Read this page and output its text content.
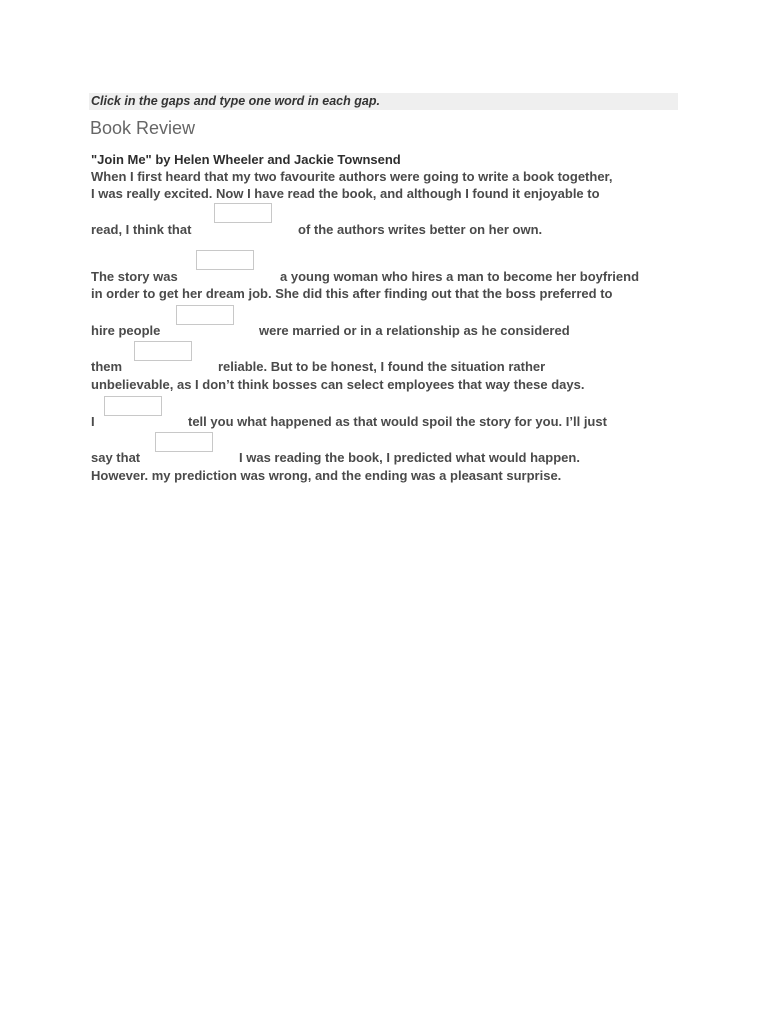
Click in the gaps and type one word in each gap.
Book Review
"Join Me" by Helen Wheeler and Jackie Townsend
When I first heard that my two favourite authors were going to write a book together,
I was really excited. Now I have read the book, and although I found it enjoyable to
read, I think that	of the authors writes better on her own.
The story was	a young woman who hires a man to become her boyfriend
in order to get her dream job. She did this after finding out that the boss preferred to
hire people	were married or in a relationship as he considered
them	reliable. But to be honest, I found the situation rather
unbelievable, as I don’t think bosses can select employees that way these days.
I	tell you what happened as that would spoil the story for you. I’ll just
say that	I was reading the book, I predicted what would happen.
However. my prediction was wrong, and the ending was a pleasant surprise.
